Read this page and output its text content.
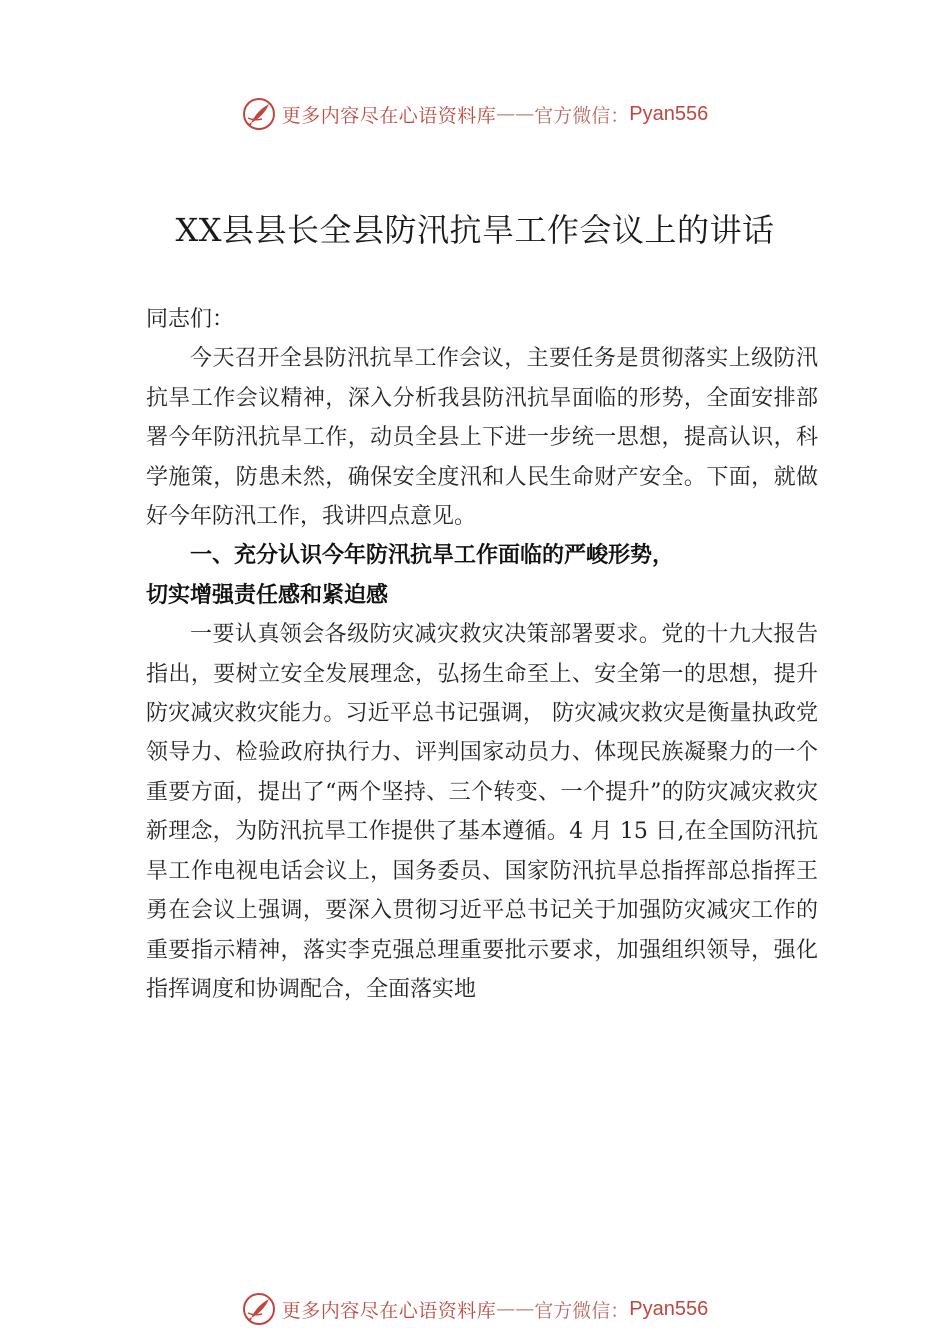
更多内容尽在心语资料库 —— 官方微信： Pyan556
XX县县长全县防汛抗旱工作会议上的讲话

同志们：

今天召开全县防汛抗旱工作会议，主要任务是贯彻落实上级防汛抗旱工作会议精神，深入分析我县防汛抗旱面临的形势，全面安排部署今年防汛抗旱工作，动员全县上下进一步统一思想，提高认识，科学施策，防患未然，确保安全度汛和人民生命财产安全。下面，就做好今年防汛工作，我讲四点意见。

一、充分认识今年防汛抗旱工作面临的严峻形势，

切实增强责任感和紧迫感

一要认真领会各级防灾减灾救灾决策部署要求。党的十九大报告指出，要树立安全发展理念，弘扬生命至上、安全第一的思想，提升防灾减灾救灾能力。习近平总书记强调， 防灾减灾救灾是衡量执政党领导力、检验政府执行力、评判国家动员力、体现民族凝聚力的一个重要方面，提出了“两个坚持、三个转变、一个提升”的防灾减灾救灾新理念，为防汛抗旱工作提供了基本遵循。4 月 15 日,在全国防汛抗旱工作电视电话会议上，国务委员、国家防汛抗旱总指挥部总指挥王勇在会议上强调，要深入贯彻习近平总书记关于加强防灾减灾工作的重要指示精神，落实李克强总理重要批示要求，加强组织领导，强化指挥调度和协调配合，全面落实地

更多内容尽在心语资料库 —— 官方微信： Pyan556
